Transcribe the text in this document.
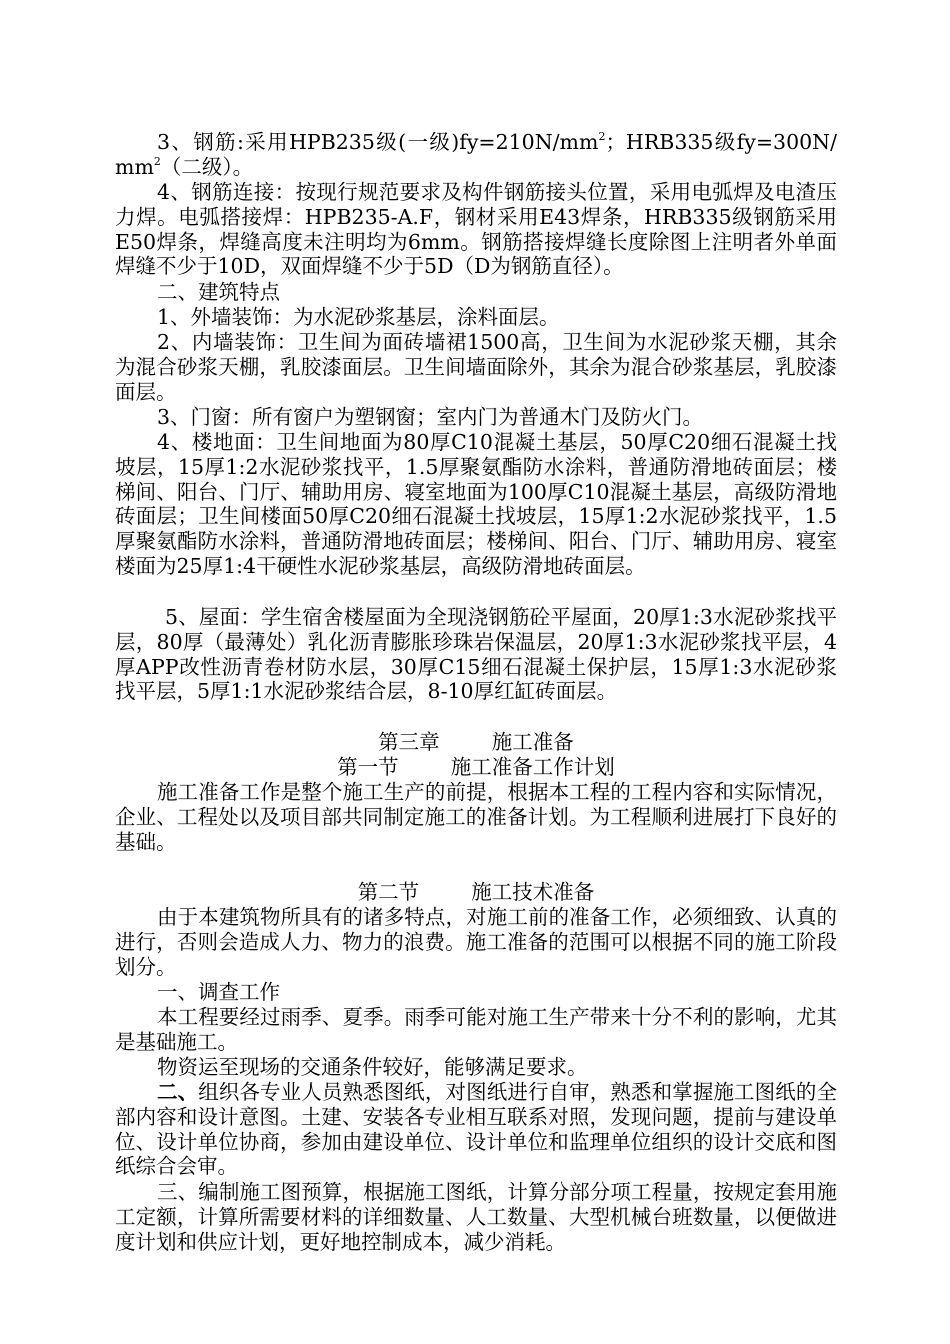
3、钢筋:采用HPB235级(一级)$fy=210N/mm^2$；HRB335级$fy=300N/mm^2$（二级）。

4、钢筋连接：按现行规范要求及构件钢筋接头位置，采用电弧焊及电渣压力焊。电弧搭接焊：HPB235-A.F，钢材采用E43焊条，HRB335级钢筋采用E50焊条，焊缝高度未注明均为6mm。钢筋搭接焊缝长度除图上注明者外单面焊缝不少于10D，双面焊缝不少于5D（D为钢筋直径）。

二、建筑特点

1、外墙装饰：为水泥砂浆基层，涂料面层。

2、内墙装饰：卫生间为面砖墙裙1500高，卫生间为水泥砂浆天棚，其余为混合砂浆天棚，乳胶漆面层。卫生间墙面除外，其余为混合砂浆基层，乳胶漆面层。

3、门窗：所有窗户为塑钢窗；室内门为普通木门及防火门。

4、楼地面：卫生间地面为80厚C10混凝土基层，50厚C20细石混凝土找坡层，15厚1:2水泥砂浆找平，1.5厚聚氨酯防水涂料，普通防滑地砖面层；楼梯间、阳台、门厅、辅助用房、寝室地面为100厚C10混凝土基层，高级防滑地砖面层；卫生间楼面50厚C20细石混凝土找坡层，15厚1:2水泥砂浆找平，1.5厚聚氨酯防水涂料，普通防滑地砖面层；楼梯间、阳台、门厅、辅助用房、寝室楼面为25厚1:4干硬性水泥砂浆基层，高级防滑地砖面层。

5、屋面：学生宿舍楼屋面为全现浇钢筋砼平屋面，20厚1:3水泥砂浆找平层，80厚（最薄处）乳化沥青膨胀珍珠岩保温层，20厚1:3水泥砂浆找平层，4厚APP改性沥青卷材防水层，30厚C15细石混凝土保护层，15厚1:3水泥砂浆找平层，5厚1:1水泥砂浆结合层，8-10厚红缸砖面层。

第三章        施工准备

第一节        施工准备工作计划

施工准备工作是整个施工生产的前提，根据本工程的工程内容和实际情况，企业、工程处以及项目部共同制定施工的准备计划。为工程顺利进展打下良好的基础。

第二节        施工技术准备

由于本建筑物所具有的诸多特点，对施工前的准备工作，必须细致、认真的进行，否则会造成人力、物力的浪费。施工准备的范围可以根据不同的施工阶段划分。

一、调查工作

本工程要经过雨季、夏季。雨季可能对施工生产带来十分不利的影响，尤其是基础施工。

物资运至现场的交通条件较好，能够满足要求。

二、组织各专业人员熟悉图纸，对图纸进行自审，熟悉和掌握施工图纸的全部内容和设计意图。土建、安装各专业相互联系对照，发现问题，提前与建设单位、设计单位协商，参加由建设单位、设计单位和监理单位组织的设计交底和图纸综合会审。

三、编制施工图预算，根据施工图纸，计算分部分项工程量，按规定套用施工定额，计算所需要材料的详细数量、人工数量、大型机械台班数量，以便做进度计划和供应计划，更好地控制成本，减少消耗。
